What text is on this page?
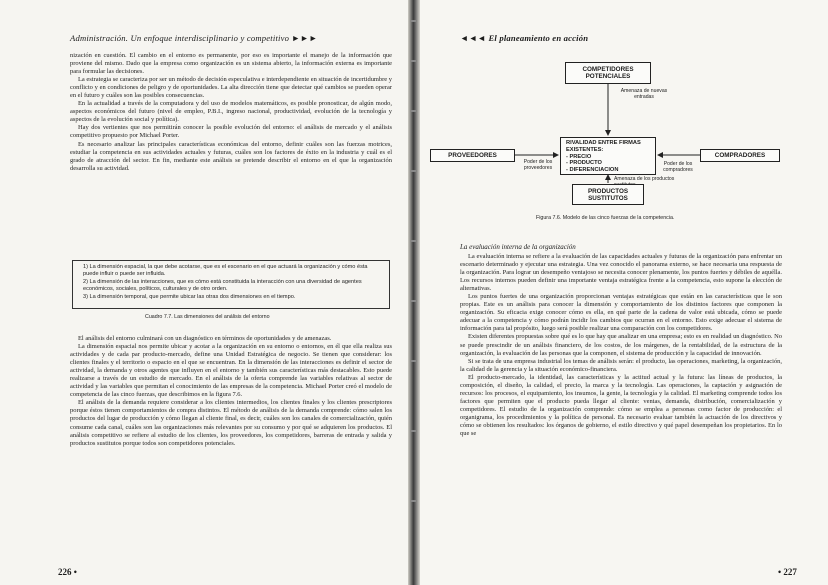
Administración. Un enfoque interdisciplinario y competitivo ►►►

nización en cuestión. El cambio en el entorno es permanente, por eso es importante el manejo de la información que proviene del mismo. Dado que la empresa como organización es un sistema abierto, la información externa es importante para formular las decisiones.

La estrategia se caracteriza por ser un método de decisión especulativa e interdependiente en situación de incertidumbre y conflicto y en condiciones de peligro y de oportunidades. La alta dirección tiene que detectar qué cambios se pueden operar en el futuro y cuáles son las posibles consecuencias.

En la actualidad a través de la computadora y del uso de modelos matemáticos, es posible pronosticar, de algún modo, aspectos económicos del futuro (nivel de empleo, P.B.I., ingreso nacional, productividad, evolución de la tecnología y aspectos de la evolución social y política).

Hay dos vertientes que nos permitirán conocer la posible evolución del entorno: el análisis de mercado y el análisis competitivo propuesto por Michael Porter.

Es necesario analizar las principales características económicas del entorno, definir cuáles son las fuerzas motrices, estudiar la competencia en sus actividades actuales y futuras, cuáles son los factores de éxito en la industria y cuál es el grado de atracción del sector. En fin, mediante este análisis se pretende describir el entorno en el que la organización desarrolla su actividad.

1) La dimensión espacial, la que debe acotarse, que es el escenario en el que actuará la organización y cómo ésta puede influir o puede ser influida.
2) La dimensión de las interacciones, que es cómo está constituida la interacción con una diversidad de agentes económicos, sociales, políticos, culturales y de otro orden.
3) La dimensión temporal, que permite ubicar las otras dos dimensiones en el tiempo.
Cuadro 7.7. Las dimensiones del análisis del entorno

El análisis del entorno culminará con un diagnóstico en términos de oportunidades y de amenazas.

La dimensión espacial nos permite ubicar y acotar a la organización en su entorno o entornos, en él que ella realiza sus actividades y de cada par producto-mercado, define una Unidad Estratégica de negocio. Se tienen que considerar: los clientes finales y el territorio o espacio en el que se encuentran. En la dimensión de las interacciones es definir el sector de actividad, la demanda y otros agentes que influyen en el entorno y también sus características más destacables. Esto puede realizarse a través de un estudio de mercado. En el análisis de la oferta comprende las variables relativas al sector de actividad y las variables que permitan el conocimiento de las empresas de la competencia. Michael Porter creó el modelo de competencia de las cinco fuerzas, que describimos en la figura 7.6.

El análisis de la demanda requiere considerar a los clientes intermedios, los clientes finales y los clientes prescriptores porque éstos tienen comportamientos de compra distintos. El método de análisis de la demanda comprende: cómo salen los productos del lugar de producción y cómo llegan al cliente final, es decir, cuáles son los canales de comercialización, quién consume cada canal, cuáles son las organizaciones más relevantes por su consumo y por qué se adquieren los productos. El análisis competitivo se refiere al estudio de los clientes, los proveedores, los competidores, barreras de entrada y salida y productos sustitutos porque todos son competidores potenciales.

226 •
◄◄◄ El planeamiento en acción
COMPETIDORES POTENCIALES
Amenaza de nuevas entradas
RIVALIDAD ENTRE FIRMAS EXISTENTES:
- PRECIO
- PRODUCTO
- DIFERENCIACION
PROVEEDORES
Poder de los proveedores
COMPRADORES
Poder de los compradores
Amenaza de los productos
PRODUCTOS SUSTITUTOS
Figura 7.6. Modelo de las cinco fuerzas de la competencia.
La evaluación interna de la organización

La evaluación interna se refiere a la evaluación de las capacidades actuales y futuras de la organización para enfrentar un escenario determinado y ejecutar una estrategia. Una vez conocido el panorama externo, se hace necesaria una respuesta de la organización. Para lograr un desempeño ventajoso se necesita conocer plenamente, los puntos fuertes y débiles de aquélla. Los recursos internos pueden definir una importante ventaja estratégica frente a la competencia, esto supone la elección de alternativas.

Los puntos fuertes de una organización proporcionan ventajas estratégicas que están en las características que le son propias. Este es un análisis para conocer la dimensión y comportamiento de los distintos factores que componen la organización. Su eficacia exige conocer cómo es ella, en qué parte de la cadena de valor está ubicada, cómo se puede adecuar a la competencia y cómo podrán incidir los cambios que ocurran en el entorno. Esto exige adecuar el sistema de información para tal propósito, luego será posible realizar una comparación con los competidores.

Existen diferentes propuestas sobre qué es lo que hay que analizar en una empresa; esto es en realidad un diagnóstico. No se puede prescindir de un análisis financiero, de los costos, de los márgenes, de la rentabilidad, de la estructura de la organización, la evaluación de las personas que la componen, el sistema de producción y la capacidad de innovación.

Si se trata de una empresa industrial los temas de análisis serán: el producto, las operaciones, marketing, la organización, la calidad de la gerencia y la situación económico-financiera.

El producto-mercado, la identidad, las características y la actitud actual y la futura: las líneas de productos, la composición, el diseño, la calidad, el precio, la marca y la tecnología. Las operaciones, la captación y asignación de recursos: los procesos, el equipamiento, los insumos, la gente, la tecnología y la calidad. El marketing comprende todos los factores que permiten que el producto pueda llegar al cliente: ventas, demanda, distribución, comercialización y competidores. El estudio de la organización comprende: cómo se emplea a personas como factor de producción: el organigrama, los procedimientos y la política de personal. Es necesario evaluar también la actuación de los directivos y cómo se obtienen los resultados: los órganos de gobierno, el estilo directivo y qué papel desempeñan los propietarios. En lo que se

• 227
